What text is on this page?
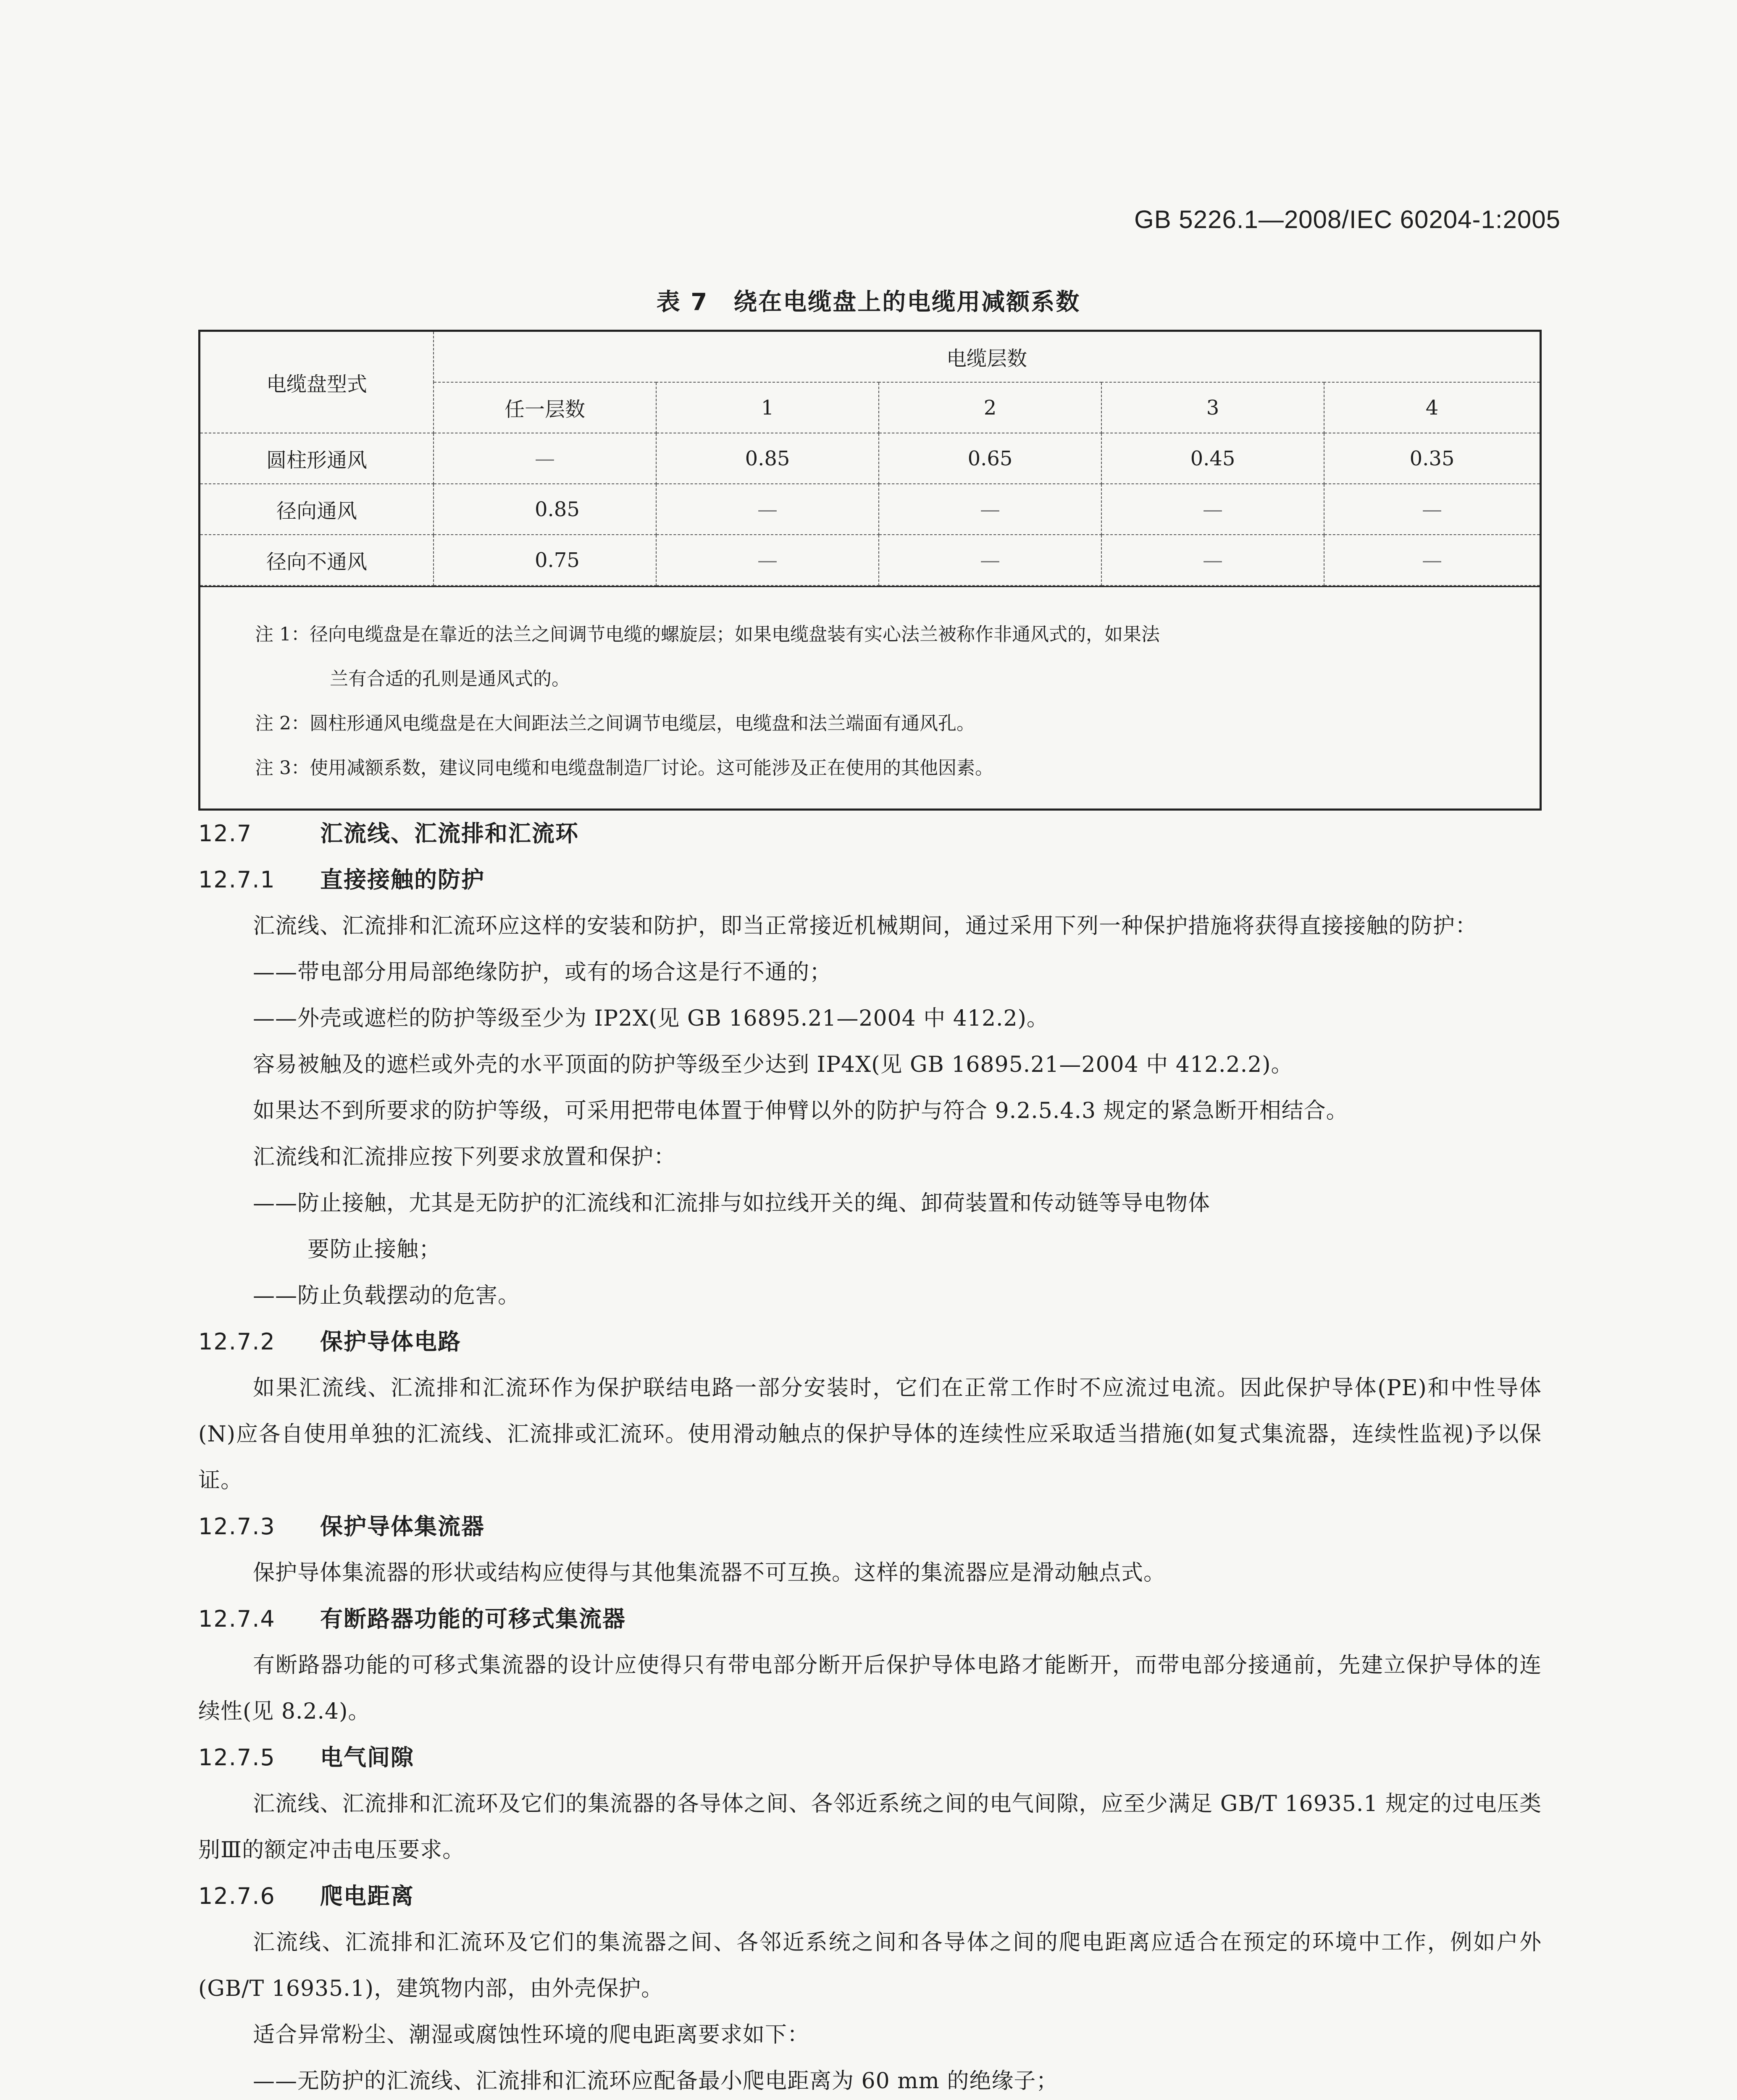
GB 5226.1—2008/IEC 60204-1:2005
表 7 绕在电缆盘上的电缆用减额系数
电缆盘型式	电缆层数				
	任一层数	1	2	3	4
圆柱形通风	—	0.85	0.65	0.45	0.35
径向通风	0.85	—	—	—	—
径向不通风	0.75	—	—	—	—
注 1：径向电缆盘是在靠近的法兰之间调节电缆的螺旋层；如果电缆盘装有实心法兰被称作非通风式的，如果法
兰有合适的孔则是通风式的。
注 2：圆柱形通风电缆盘是在大间距法兰之间调节电缆层，电缆盘和法兰端面有通风孔。
注 3：使用减额系数，建议同电缆和电缆盘制造厂讨论。这可能涉及正在使用的其他因素。
12.7	汇流线、汇流排和汇流环
12.7.1 直接接触的防护
汇流线、汇流排和汇流环应这样的安装和防护，即当正常接近机械期间，通过采用下列一种保护措施将获得直接接触的防护：
——带电部分用局部绝缘防护，或有的场合这是行不通的；
——外壳或遮栏的防护等级至少为 IP2X(见 GB 16895.21—2004 中 412.2)。
容易被触及的遮栏或外壳的水平顶面的防护等级至少达到 IP4X(见 GB 16895.21—2004 中 412.2.2)。
如果达不到所要求的防护等级，可采用把带电体置于伸臂以外的防护与符合 9.2.5.4.3 规定的紧急断开相结合。
汇流线和汇流排应按下列要求放置和保护：
——防止接触，尤其是无防护的汇流线和汇流排与如拉线开关的绳、卸荷装置和传动链等导电物体
要防止接触；
——防止负载摆动的危害。
12.7.2 保护导体电路
如果汇流线、汇流排和汇流环作为保护联结电路一部分安装时，它们在正常工作时不应流过电流。因此保护导体(PE)和中性导体(N)应各自使用单独的汇流线、汇流排或汇流环。使用滑动触点的保护导体的连续性应采取适当措施(如复式集流器，连续性监视)予以保证。
12.7.3 保护导体集流器
保护导体集流器的形状或结构应使得与其他集流器不可互换。这样的集流器应是滑动触点式。
12.7.4 有断路器功能的可移式集流器
有断路器功能的可移式集流器的设计应使得只有带电部分断开后保护导体电路才能断开，而带电部分接通前，先建立保护导体的连续性(见 8.2.4)。
12.7.5 电气间隙
汇流线、汇流排和汇流环及它们的集流器的各导体之间、各邻近系统之间的电气间隙，应至少满足 GB/T 16935.1 规定的过电压类别Ⅲ的额定冲击电压要求。
12.7.6 爬电距离
汇流线、汇流排和汇流环及它们的集流器之间、各邻近系统之间和各导体之间的爬电距离应适合在预定的环境中工作，例如户外(GB/T 16935.1)，建筑物内部，由外壳保护。
适合异常粉尘、潮湿或腐蚀性环境的爬电距离要求如下：
——无防护的汇流线、汇流排和汇流环应配备最小爬电距离为 60 mm 的绝缘子；
